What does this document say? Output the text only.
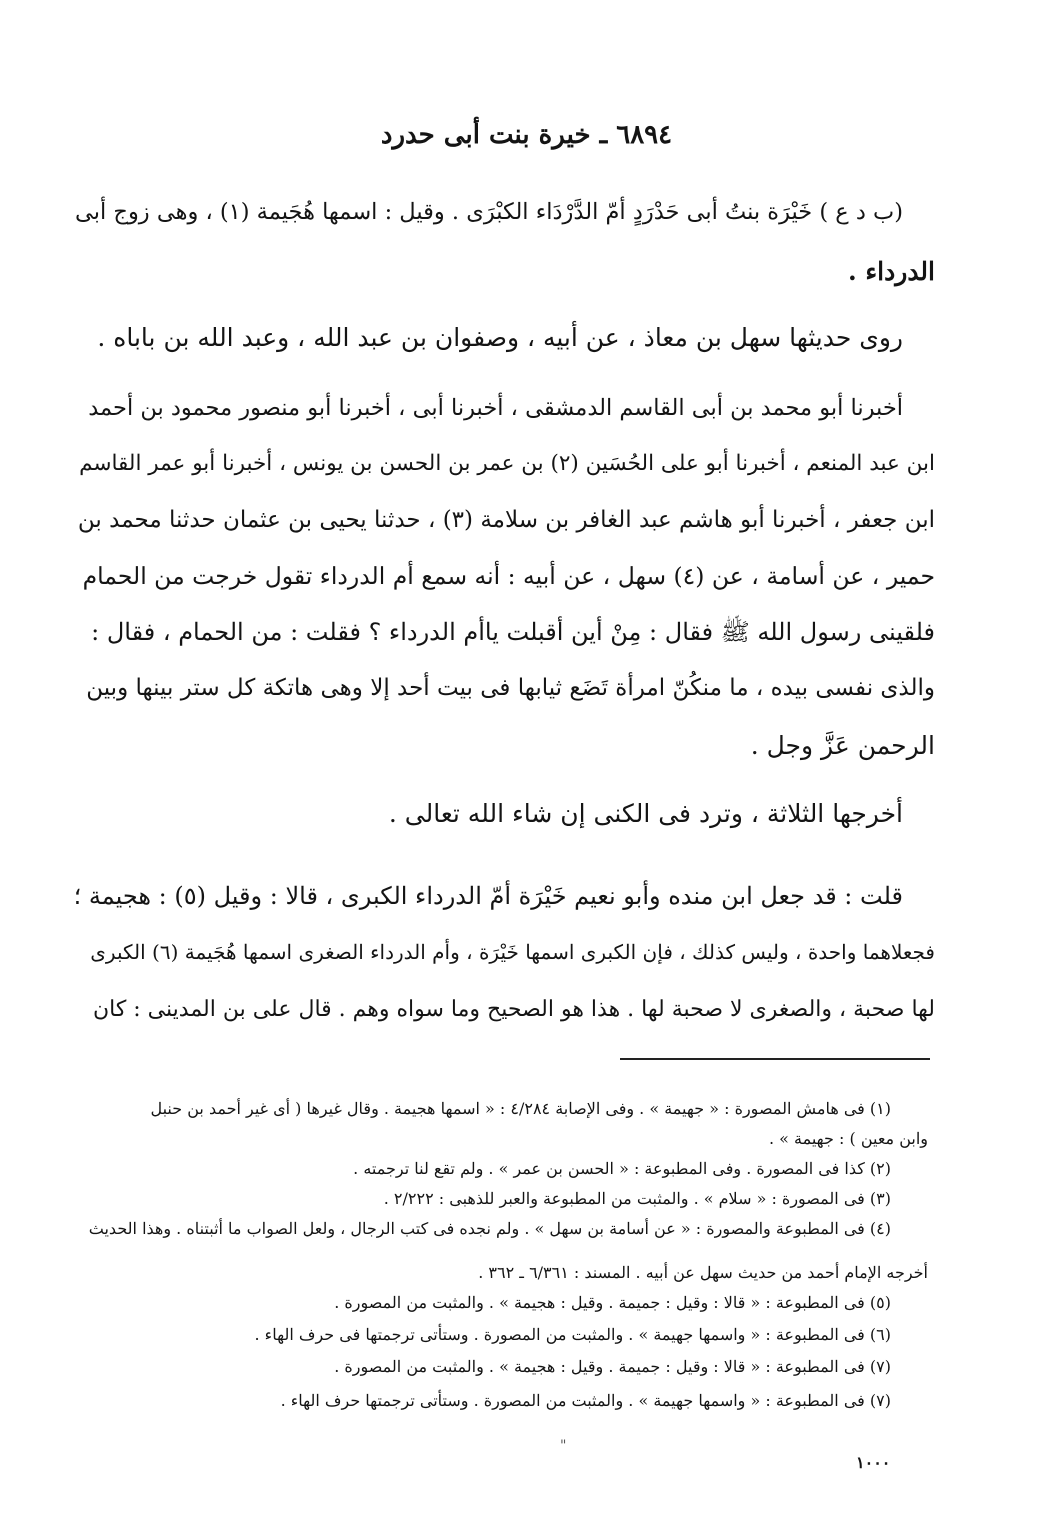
٦٨٩٤ ـ خيرة بنت أبى حدرد
(ب د ع ) خَيْرَة بنتُ أبى حَدْرَدٍ أمّ الدَّرْدَاء الكبْرَى . وقيل : اسمها هُجَيمة (١) ، وهى زوج أبى
الدرداء .
روى حديثها سهل بن معاذ ، عن أبيه ، وصفوان بن عبد الله ، وعبد الله بن باباه .
أخبرنا أبو محمد بن أبى القاسم الدمشقى ، أخبرنا أبى ، أخبرنا أبو منصور محمود بن أحمد
ابن عبد المنعم ، أخبرنا أبو على الحُسَين (٢) بن عمر بن الحسن بن يونس ، أخبرنا أبو عمر القاسم
ابن جعفر ، أخبرنا أبو هاشم عبد الغافر بن سلامة (٣) ، حدثنا يحيى بن عثمان حدثنا محمد بن
حمير ، عن أسامة ، عن (٤) سهل ، عن أبيه : أنه سمع أم الدرداء تقول خرجت من الحمام
فلقينى رسول الله ﷺ فقال : مِنْ أين أقبلت ياأم الدرداء ؟ فقلت : من الحمام ، فقال :
والذى نفسى بيده ، ما منكُنّ امرأة تَضَع ثيابها فى بيت أحد إلا وهى هاتكة كل ستر بينها وبين
الرحمن عَزَّ وجل .
أخرجها الثلاثة ، وترد فى الكنى إن شاء الله تعالى .
قلت : قد جعل ابن منده وأبو نعيم خَيْرَة أمّ الدرداء الكبرى ، قالا : وقيل (٥) : هجيمة ؛
فجعلاهما واحدة ، وليس كذلك ، فإن الكبرى اسمها خَيْرَة ، وأم الدرداء الصغرى اسمها هُجَيمة (٦) الكبرى
لها صحبة ، والصغرى لا صحبة لها . هذا هو الصحيح وما سواه وهم . قال على بن المدينى : كان
(١) فى هامش المصورة : « جهيمة » . وفى الإصابة ٤/٢٨٤ : « اسمها هجيمة . وقال غيرها ( أى غير أحمد بن حنبل
وابن معين ) : جهيمة » .
(٢) كذا فى المصورة . وفى المطبوعة : « الحسن بن عمر » . ولم تقع لنا ترجمته .
(٣) فى المصورة : « سلام » . والمثبت من المطبوعة والعبر للذهبى : ٢/٢٢٢ .
(٤) فى المطبوعة والمصورة : « عن أسامة بن سهل » . ولم نجده فى كتب الرجال ، ولعل الصواب ما أثبتناه . وهذا الحديث
أخرجه الإمام أحمد من حديث سهل عن أبيه . المسند : ٦/٣٦١ ـ ٣٦٢ .
(٥) فى المطبوعة : « قالا : وقيل : جميمة . وقيل : هجيمة » . والمثبت من المصورة .
(٦) فى المطبوعة : « واسمها جهيمة » . والمثبت من المصورة . وستأتى ترجمتها فى حرف الهاء .
(٧) فى المطبوعة : « قالا : وقيل : جميمة . وقيل : هجيمة » . والمثبت من المصورة .
(٧) فى المطبوعة : « واسمها جهيمة » . والمثبت من المصورة . وستأتى ترجمتها حرف الهاء .
"
١٠٠٠
